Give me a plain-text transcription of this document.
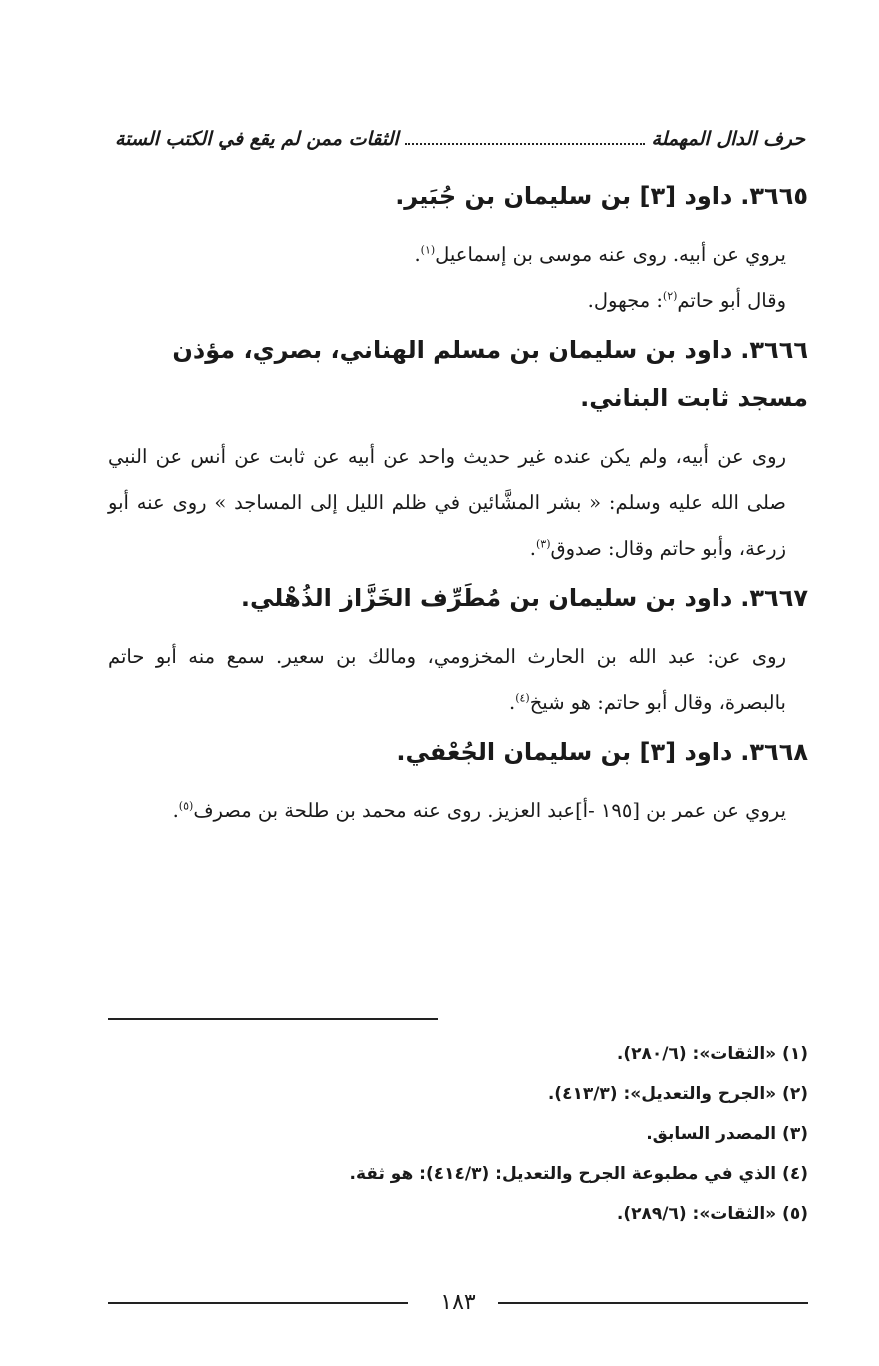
حرف الدال المهملة
الثقات ممن لم يقع في الكتب الستة
٣٦٦٥.داود [٣] بن سليمان بن جُبَير.

يروي عن أبيه. روى عنه موسى بن إسماعيل$^{(١)}$.

وقال أبو حاتم$^{(٢)}$: مجهول.

٣٦٦٦.داود بن سليمان بن مسلم الهناني، بصري، مؤذن مسجد ثابت البناني.

روى عن أبيه، ولم يكن عنده غير حديث واحد عن أبيه عن ثابت عن أنس عن النبي صلى الله عليه وسلم: « بشر المشَّائين في ظلم الليل إلى المساجد » روى عنه أبو زرعة، وأبو حاتم وقال: صدوق$^{(٣)}$.

٣٦٦٧.داود بن سليمان بن مُطَرِّف الخَزَّاز الذُهْلي.

روى عن: عبد الله بن الحارث المخزومي، ومالك بن سعير. سمع منه أبو حاتم بالبصرة، وقال أبو حاتم: هو شيخ$^{(٤)}$.

٣٦٦٨.داود [٣] بن سليمان الجُعْفي.

يروي عن عمر بن [١٩٥ -أ]عبد العزيز. روى عنه محمد بن طلحة بن مصرف$^{(٥)}$.

(١) «الثقات»: (٢٨٠/٦).
(٢) «الجرح والتعديل»: (٤١٣/٣).
(٣) المصدر السابق.
(٤) الذي في مطبوعة الجرح والتعديل: (٤١٤/٣): هو ثقة.
(٥) «الثقات»: (٢٨٩/٦).
١٨٣
